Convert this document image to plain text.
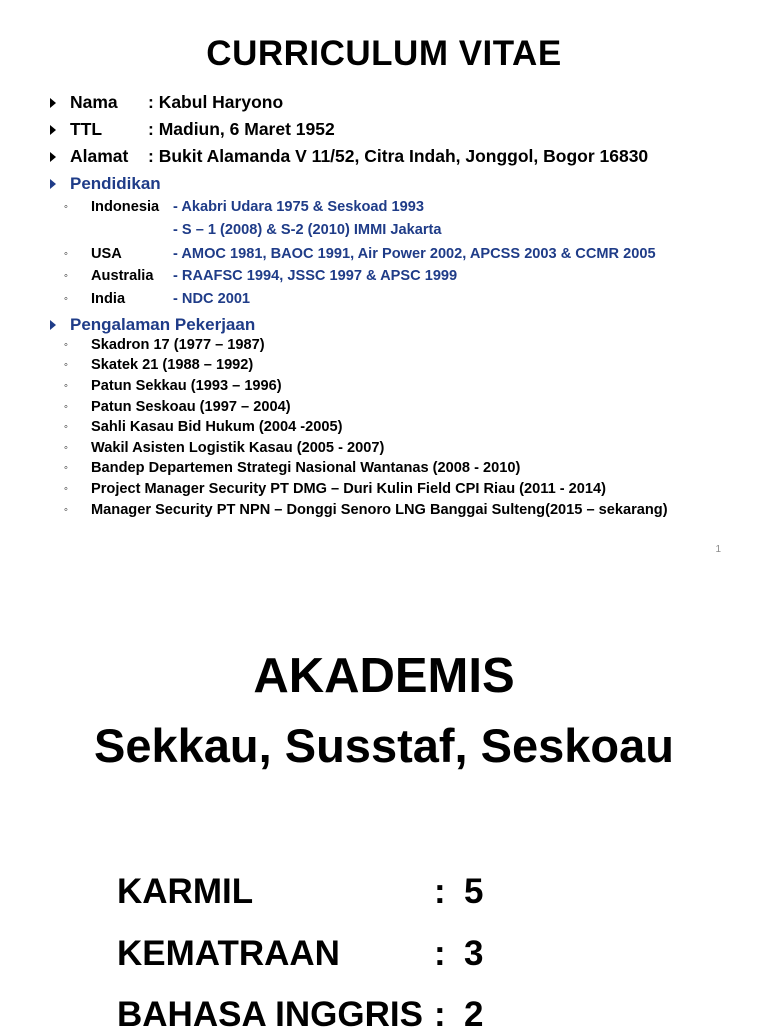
CURRICULUM VITAE
Nama	: Kabul Haryono
TTL	: Madiun, 6 Maret 1952
Alamat	: Bukit Alamanda V 11/52, Citra Indah, Jonggol, Bogor 16830
Pendidikan
◦	Indonesia - Akabri Udara 1975 & Seskoad 1993
- S – 1 (2008) & S-2 (2010) IMMI Jakarta
◦	USA	- AMOC 1981, BAOC 1991, Air Power 2002, APCSS 2003 & CCMR 2005
◦	Australia	- RAAFSC 1994, JSSC 1997 & APSC 1999
◦	India	- NDC 2001
Pengalaman Pekerjaan
◦	Skadron 17 (1977 – 1987)
◦	Skatek 21 (1988 – 1992)
◦	Patun Sekkau (1993 – 1996)
◦	Patun Seskoau (1997 – 2004)
◦	Sahli Kasau Bid Hukum (2004 -2005)
◦	Wakil Asisten Logistik Kasau (2005 - 2007)
◦	Bandep Departemen Strategi Nasional Wantanas (2008 - 2010)
◦	Project Manager Security PT DMG – Duri Kulin Field CPI Riau (2011 - 2014)
◦	Manager Security PT NPN – Donggi Senoro LNG Banggai Sulteng(2015 – sekarang)
1
AKADEMIS
Sekkau, Susstaf, Seskoau
KARMIL	: 5
KEMATRAAN	: 3
BAHASA INGGRIS : 2
